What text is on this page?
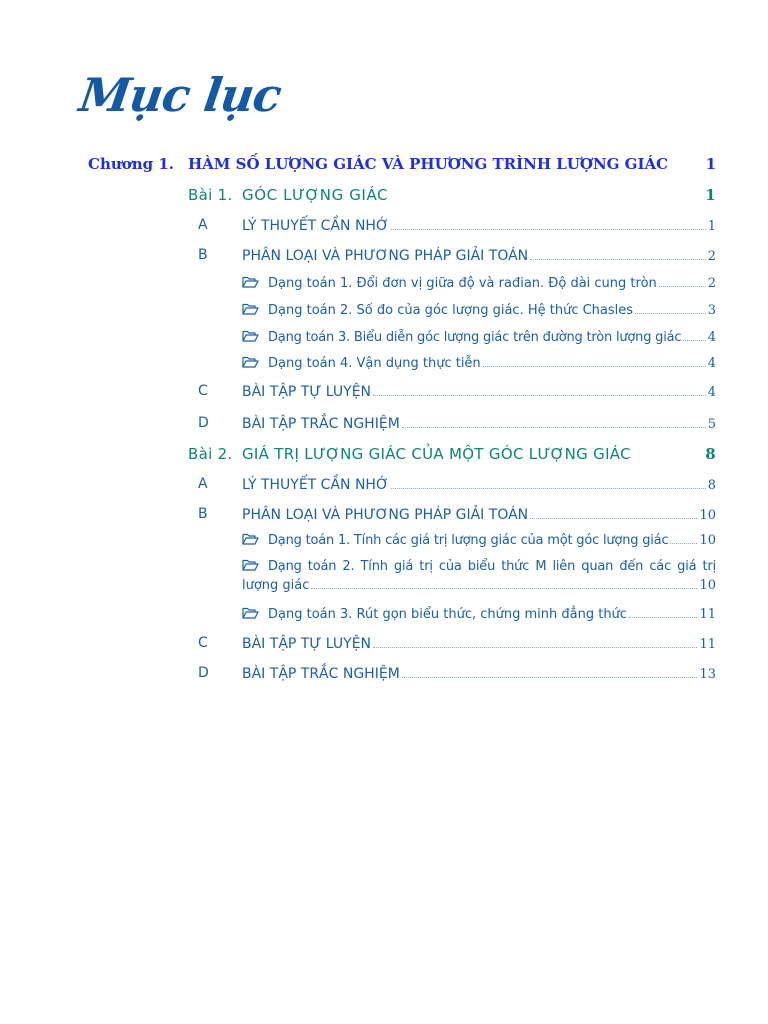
Mục lục
Chương 1. HÀM SỐ LƯỢNG GIÁC VÀ PHƯƠNG TRÌNH LƯỢNG GIÁC 1
Bài 1. GÓC LƯỢNG GIÁC	1
A LÝ THUYẾT CẦN NHỚ	1
B PHÂN LOẠI VÀ PHƯƠNG PHÁP GIẢI TOÁN	2
Dạng toán 1. Đổi đơn vị giữa độ và rađian. Độ dài cung tròn	2
Dạng toán 2. Số đo của góc lượng giác. Hệ thức Chasles	3
Dạng toán 3. Biểu diễn góc lượng giác trên đường tròn lượng giác 4
Dạng toán 4. Vận dụng thực tiễn	4
C BÀI TẬP TỰ LUYỆN	4
D BÀI TẬP TRẮC NGHIỆM	5
Bài 2. GIÁ TRỊ LƯỢNG GIÁC CỦA MỘT GÓC LƯỢNG GIÁC	8
A LÝ THUYẾT CẦN NHỚ	8
B PHÂN LOẠI VÀ PHƯƠNG PHÁP GIẢI TOÁN	10
Dạng toán 1. Tính các giá trị lượng giác của một góc lượng giác 10
Dạng toán 2. Tính giá trị của biểu thức M liên quan đến các giá trị
lượng giác	10
Dạng toán 3. Rút gọn biểu thức, chứng minh đẳng thức	11
C BÀI TẬP TỰ LUYỆN	11
D BÀI TẬP TRẮC NGHIỆM	13
